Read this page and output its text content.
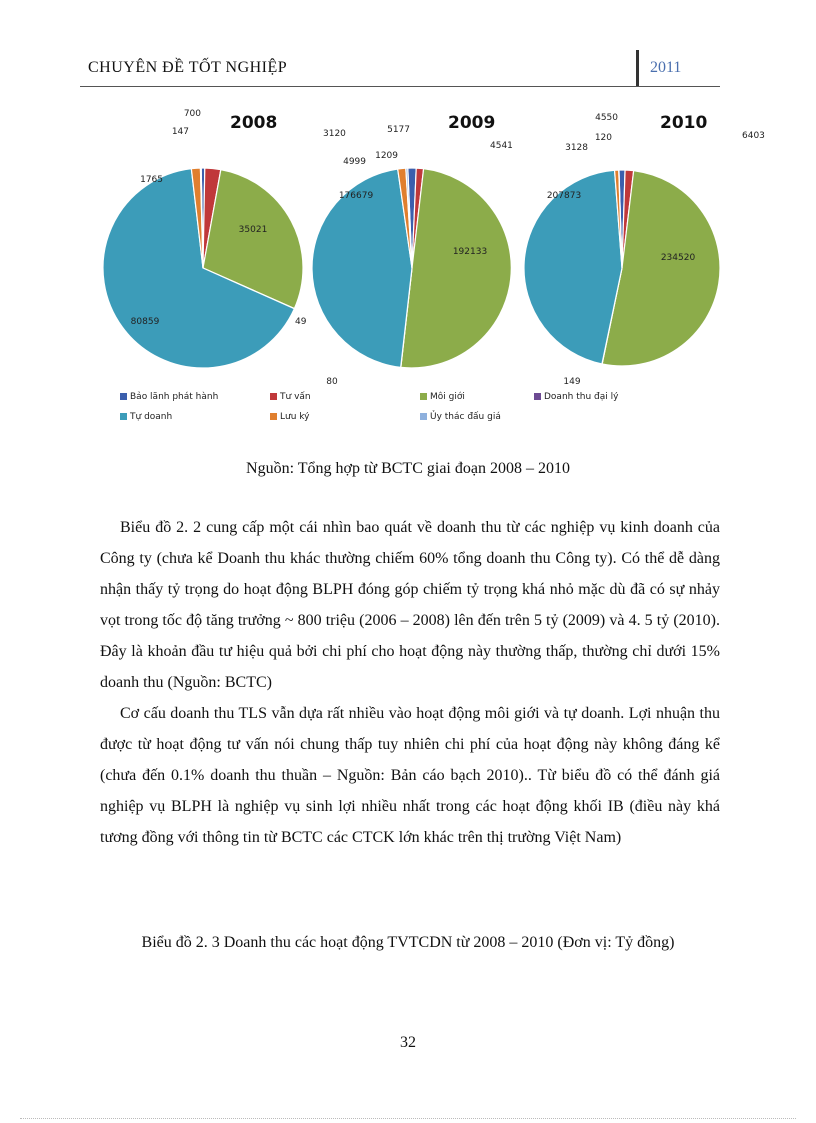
CHUYÊN ĐỀ TỐT NGHIỆP	2011
2008
700
3120
35021
49
80859
1765
147	2009
5177
4541
192133
80
176679
4999
1209
2010
4550
6403
234520
149
207873
3128
120
Bảo lãnh phát hành	Tư vấn	Môi giới	Doanh thu đại lý
Tự doanh	Lưu ký	Ủy thác đấu giá
Nguồn: Tổng hợp từ BCTC giai đoạn 2008 – 2010

Biểu đồ 2. 2 cung cấp một cái nhìn bao quát về doanh thu từ các nghiệp vụ kinh doanh của Công ty (chưa kể Doanh thu khác thường chiếm 60% tổng doanh thu Công ty). Có thể dễ dàng nhận thấy tỷ trọng do hoạt động BLPH đóng góp chiếm tỷ trọng khá nhỏ mặc dù đã có sự nhảy vọt trong tốc độ tăng trưởng ~ 800 triệu (2006 – 2008) lên đến trên 5 tỷ (2009) và 4. 5 tỷ (2010). Đây là khoản đầu tư hiệu quả bởi chi phí cho hoạt động này thường thấp, thường chỉ dưới 15% doanh thu (Nguồn: BCTC)

Cơ cấu doanh thu TLS vẫn dựa rất nhiều vào hoạt động môi giới và tự doanh. Lợi nhuận thu được từ hoạt động tư vấn nói chung thấp tuy nhiên chi phí của hoạt động này không đáng kể (chưa đến 0.1% doanh thu thuần – Nguồn: Bản cáo bạch 2010).. Từ biểu đồ có thể đánh giá nghiệp vụ BLPH là nghiệp vụ sinh lợi nhiều nhất trong các hoạt động khối IB (điều này khá tương đồng với thông tin từ BCTC các CTCK lớn khác trên thị trường Việt Nam)

Biểu đồ 2. 3 Doanh thu các hoạt động TVTCDN từ 2008 – 2010 (Đơn vị: Tỷ đồng)
32
